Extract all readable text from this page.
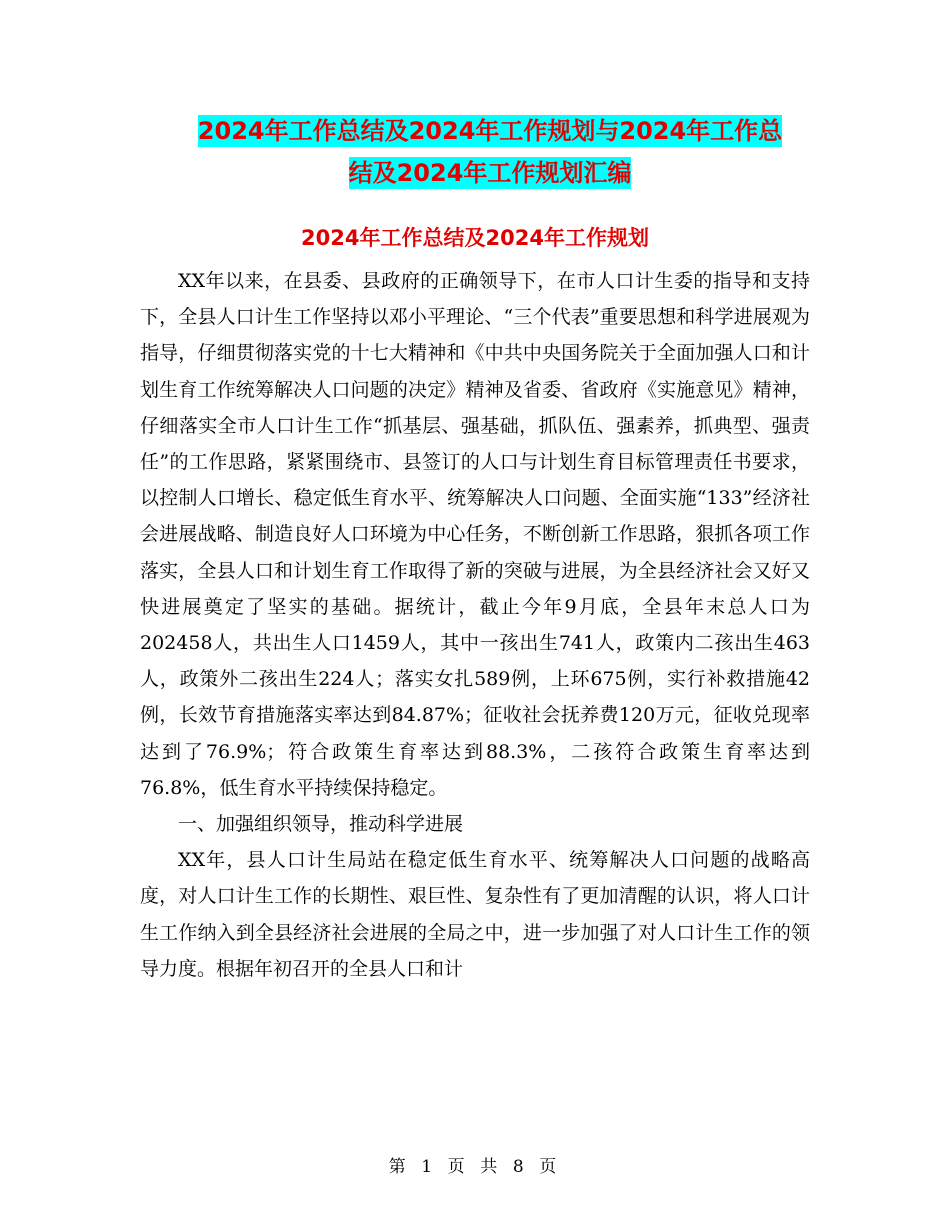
2024年工作总结及2024年工作规划与2024年工作总
结及2024年工作规划汇编
2024年工作总结及2024年工作规划

XX年以来，在县委、县政府的正确领导下，在市人口计生委的指导和支持下，全县人口计生工作坚持以邓小平理论、“三个代表”重要思想和科学进展观为指导，仔细贯彻落实党的十七大精神和《中共中央国务院关于全面加强人口和计划生育工作统筹解决人口问题的决定》精神及省委、省政府《实施意见》精神，仔细落实全市人口计生工作“抓基层、强基础，抓队伍、强素养，抓典型、强责任”的工作思路，紧紧围绕市、县签订的人口与计划生育目标管理责任书要求，以控制人口增长、稳定低生育水平、统筹解决人口问题、全面实施“133”经济社会进展战略、制造良好人口环境为中心任务，不断创新工作思路，狠抓各项工作落实，全县人口和计划生育工作取得了新的突破与进展，为全县经济社会又好又快进展奠定了坚实的基础。据统计，截止今年9月底，全县年末总人口为202458人，共出生人口1459人，其中一孩出生741人，政策内二孩出生463人，政策外二孩出生224人；落实女扎589例，上环675例，实行补救措施42例，长效节育措施落实率达到84.87%；征收社会抚养费120万元，征收兑现率达到了76.9%；符合政策生育率达到88.3%，二孩符合政策生育率达到76.8%，低生育水平持续保持稳定。

一、加强组织领导，推动科学进展

XX年，县人口计生局站在稳定低生育水平、统筹解决人口问题的战略高度，对人口计生工作的长期性、艰巨性、复杂性有了更加清醒的认识，将人口计生工作纳入到全县经济社会进展的全局之中，进一步加强了对人口计生工作的领导力度。根据年初召开的全县人口和计

第 1 页 共 8 页
